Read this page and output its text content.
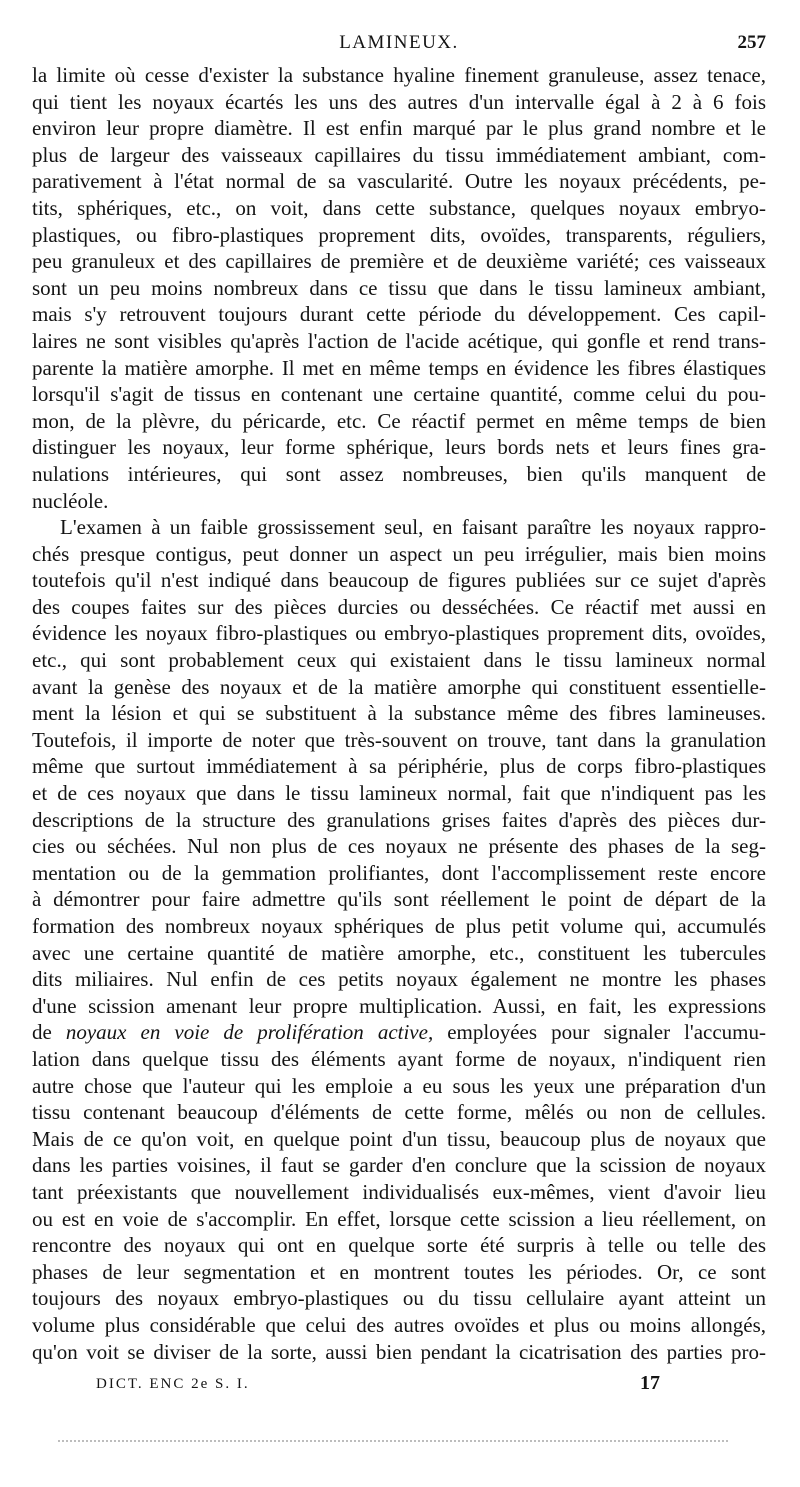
LAMINEUX.	257
la limite où cesse d'exister la substance hyaline finement granuleuse, assez tenace,
qui tient les noyaux écartés les uns des autres d'un intervalle égal à 2 à 6 fois
environ leur propre diamètre. Il est enfin marqué par le plus grand nombre et le
plus de largeur des vaisseaux capillaires du tissu immédiatement ambiant, com-
parativement à l'état normal de sa vascularité. Outre les noyaux précédents, pe-
tits, sphériques, etc., on voit, dans cette substance, quelques noyaux embryo-
plastiques, ou fibro-plastiques proprement dits, ovoïdes, transparents, réguliers,
peu granuleux et des capillaires de première et de deuxième variété; ces vaisseaux
sont un peu moins nombreux dans ce tissu que dans le tissu lamineux ambiant,
mais s'y retrouvent toujours durant cette période du développement. Ces capil-
laires ne sont visibles qu'après l'action de l'acide acétique, qui gonfle et rend trans-
parente la matière amorphe. Il met en même temps en évidence les fibres élastiques
lorsqu'il s'agit de tissus en contenant une certaine quantité, comme celui du pou-
mon, de la plèvre, du péricarde, etc. Ce réactif permet en même temps de bien
distinguer les noyaux, leur forme sphérique, leurs bords nets et leurs fines gra-
nulations intérieures, qui sont assez nombreuses, bien qu'ils manquent de
nucléole.
L'examen à un faible grossissement seul, en faisant paraître les noyaux rappro-
chés presque contigus, peut donner un aspect un peu irrégulier, mais bien moins
toutefois qu'il n'est indiqué dans beaucoup de figures publiées sur ce sujet d'après
des coupes faites sur des pièces durcies ou desséchées. Ce réactif met aussi en
évidence les noyaux fibro-plastiques ou embryo-plastiques proprement dits, ovoïdes,
etc., qui sont probablement ceux qui existaient dans le tissu lamineux normal
avant la genèse des noyaux et de la matière amorphe qui constituent essentielle-
ment la lésion et qui se substituent à la substance même des fibres lamineuses.
Toutefois, il importe de noter que très-souvent on trouve, tant dans la granulation
même que surtout immédiatement à sa périphérie, plus de corps fibro-plastiques
et de ces noyaux que dans le tissu lamineux normal, fait que n'indiquent pas les
descriptions de la structure des granulations grises faites d'après des pièces dur-
cies ou séchées. Nul non plus de ces noyaux ne présente des phases de la seg-
mentation ou de la gemmation prolifiantes, dont l'accomplissement reste encore
à démontrer pour faire admettre qu'ils sont réellement le point de départ de la
formation des nombreux noyaux sphériques de plus petit volume qui, accumulés
avec une certaine quantité de matière amorphe, etc., constituent les tubercules
dits miliaires. Nul enfin de ces petits noyaux également ne montre les phases
d'une scission amenant leur propre multiplication. Aussi, en fait, les expressions
de noyaux en voie de prolifération active, employées pour signaler l'accumu-
lation dans quelque tissu des éléments ayant forme de noyaux, n'indiquent rien
autre chose que l'auteur qui les emploie a eu sous les yeux une préparation d'un
tissu contenant beaucoup d'éléments de cette forme, mêlés ou non de cellules.
Mais de ce qu'on voit, en quelque point d'un tissu, beaucoup plus de noyaux que
dans les parties voisines, il faut se garder d'en conclure que la scission de noyaux
tant préexistants que nouvellement individualisés eux-mêmes, vient d'avoir lieu
ou est en voie de s'accomplir. En effet, lorsque cette scission a lieu réellement, on
rencontre des noyaux qui ont en quelque sorte été surpris à telle ou telle des
phases de leur segmentation et en montrent toutes les périodes. Or, ce sont
toujours des noyaux embryo-plastiques ou du tissu cellulaire ayant atteint un
volume plus considérable que celui des autres ovoïdes et plus ou moins allongés,
qu'on voit se diviser de la sorte, aussi bien pendant la cicatrisation des parties pro-
DICT. ENC 2e S. I.	17
